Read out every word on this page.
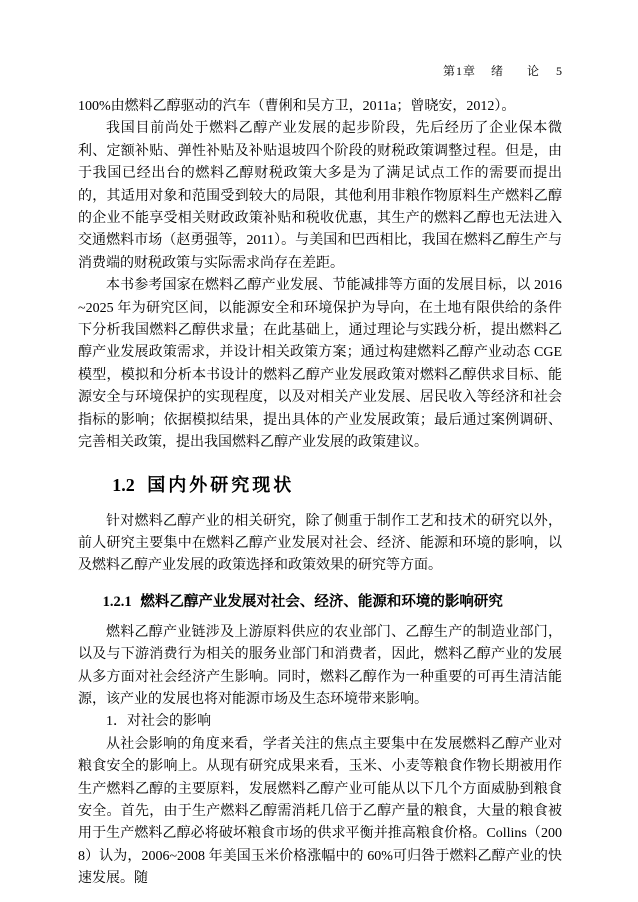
第1章 绪　论 5

100%由燃料乙醇驱动的汽车（曹俐和吴方卫，2011a；曾晓安，2012）。

我国目前尚处于燃料乙醇产业发展的起步阶段，先后经历了企业保本微利、定额补贴、弹性补贴及补贴退坡四个阶段的财税政策调整过程。但是，由于我国已经出台的燃料乙醇财税政策大多是为了满足试点工作的需要而提出的，其适用对象和范围受到较大的局限，其他利用非粮作物原料生产燃料乙醇的企业不能享受相关财政政策补贴和税收优惠，其生产的燃料乙醇也无法进入交通燃料市场（赵勇强等，2011）。与美国和巴西相比，我国在燃料乙醇生产与消费端的财税政策与实际需求尚存在差距。

本书参考国家在燃料乙醇产业发展、节能减排等方面的发展目标，以 2016~2025 年为研究区间，以能源安全和环境保护为导向，在土地有限供给的条件下分析我国燃料乙醇供求量；在此基础上，通过理论与实践分析，提出燃料乙醇产业发展政策需求，并设计相关政策方案；通过构建燃料乙醇产业动态 CGE 模型，模拟和分析本书设计的燃料乙醇产业发展政策对燃料乙醇供求目标、能源安全与环境保护的实现程度，以及对相关产业发展、居民收入等经济和社会指标的影响；依据模拟结果，提出具体的产业发展政策；最后通过案例调研、完善相关政策，提出我国燃料乙醇产业发展的政策建议。

1.2 国内外研究现状

针对燃料乙醇产业的相关研究，除了侧重于制作工艺和技术的研究以外，前人研究主要集中在燃料乙醇产业发展对社会、经济、能源和环境的影响，以及燃料乙醇产业发展的政策选择和政策效果的研究等方面。

1.2.1 燃料乙醇产业发展对社会、经济、能源和环境的影响研究

燃料乙醇产业链涉及上游原料供应的农业部门、乙醇生产的制造业部门，以及与下游消费行为相关的服务业部门和消费者，因此，燃料乙醇产业的发展从多方面对社会经济产生影响。同时，燃料乙醇作为一种重要的可再生清洁能源，该产业的发展也将对能源市场及生态环境带来影响。

1．对社会的影响

从社会影响的角度来看，学者关注的焦点主要集中在发展燃料乙醇产业对粮食安全的影响上。从现有研究成果来看，玉米、小麦等粮食作物长期被用作生产燃料乙醇的主要原料，发展燃料乙醇产业可能从以下几个方面威胁到粮食安全。首先，由于生产燃料乙醇需消耗几倍于乙醇产量的粮食，大量的粮食被用于生产燃料乙醇必将破坏粮食市场的供求平衡并推高粮食价格。Collins（2008）认为，2006~2008 年美国玉米价格涨幅中的 60%可归咎于燃料乙醇产业的快速发展。随
